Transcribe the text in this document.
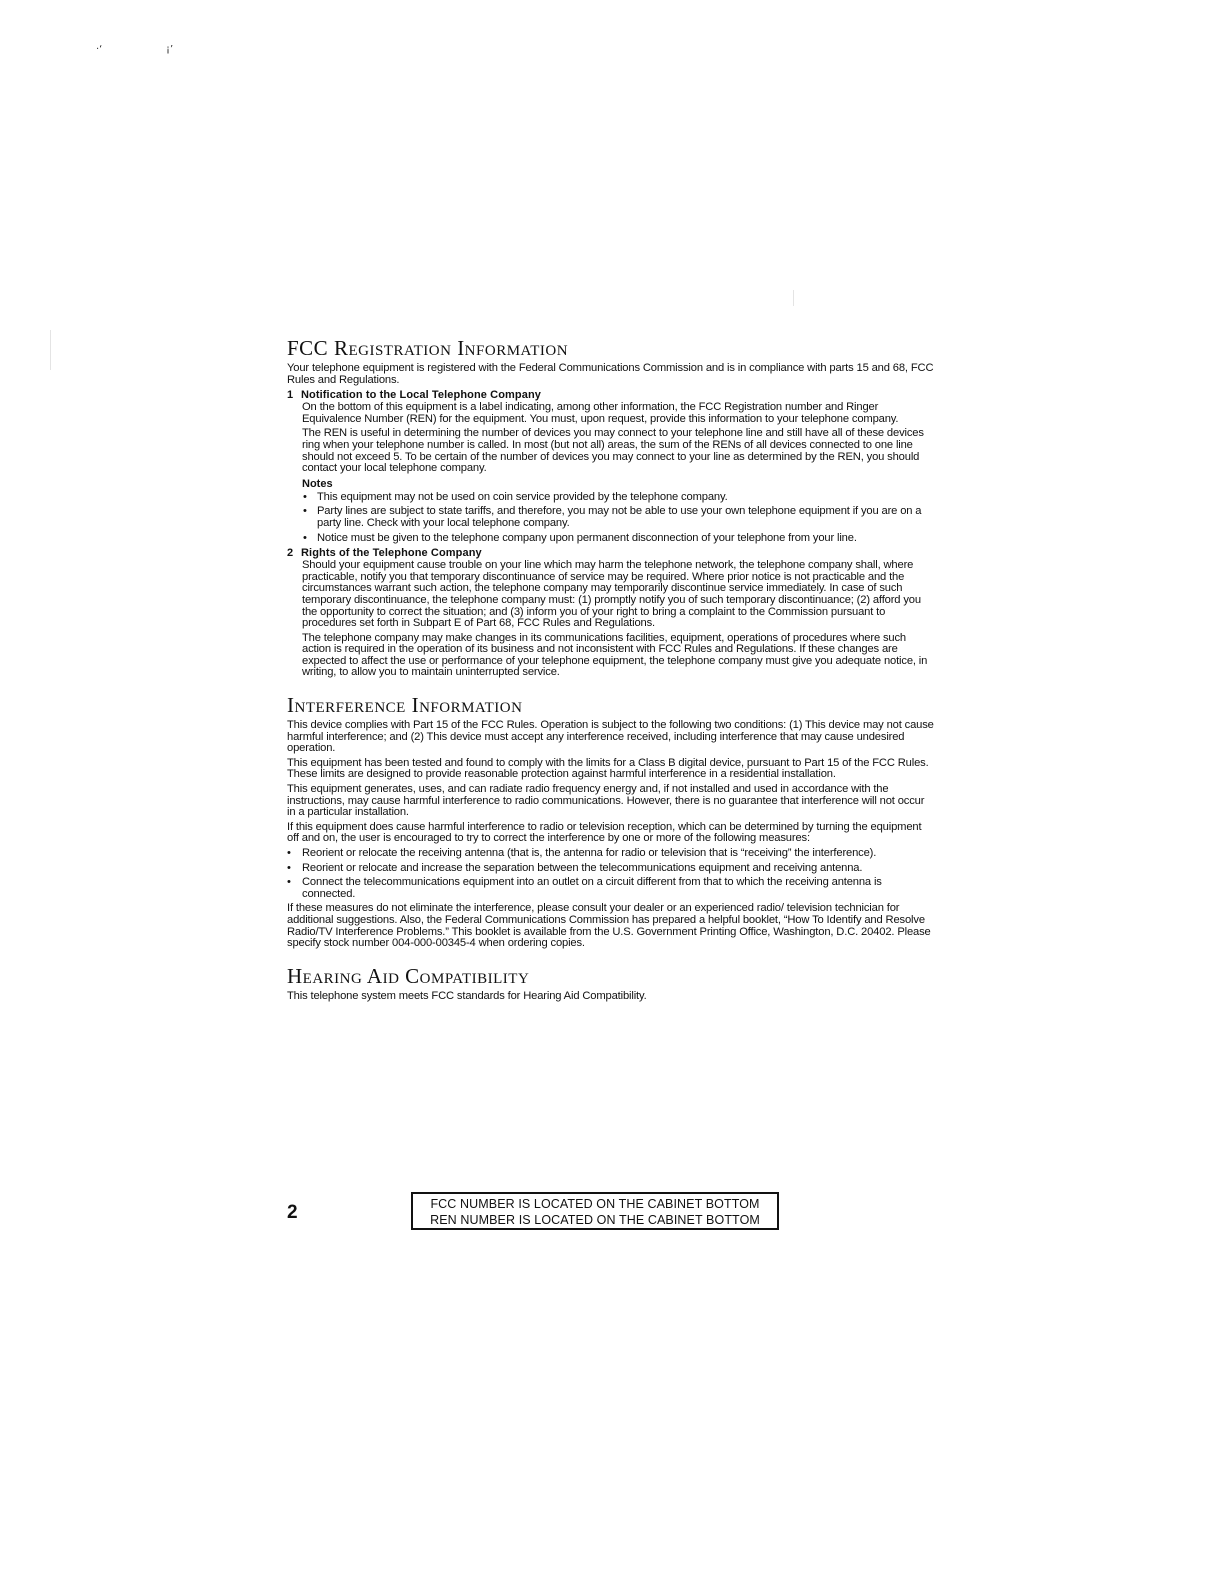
·‘	¡’
FCC Registration Information

Your telephone equipment is registered with the Federal Communications Commission and is in compliance with parts 15 and 68, FCC Rules and Regulations.

1 Notification to the Local Telephone Company

On the bottom of this equipment is a label indicating, among other information, the FCC Registration number and Ringer Equivalence Number (REN) for the equipment. You must, upon request, provide this information to your telephone company.

The REN is useful in determining the number of devices you may connect to your telephone line and still have all of these devices ring when your telephone number is called. In most (but not all) areas, the sum of the RENs of all devices connected to one line should not exceed 5. To be certain of the number of devices you may connect to your line as determined by the REN, you should contact your local telephone company.

Notes
• This equipment may not be used on coin service provided by the telephone company.
• Party lines are subject to state tariffs, and therefore, you may not be able to use your own telephone equipment if you are on a party line. Check with your local telephone company.
• Notice must be given to the telephone company upon permanent disconnection of your telephone from your line.
2 Rights of the Telephone Company

Should your equipment cause trouble on your line which may harm the telephone network, the telephone company shall, where practicable, notify you that temporary discontinuance of service may be required. Where prior notice is not practicable and the circumstances warrant such action, the telephone company may temporarily discontinue service immediately. In case of such temporary discontinuance, the telephone company must: (1) promptly notify you of such temporary discontinuance; (2) afford you the opportunity to correct the situation; and (3) inform you of your right to bring a complaint to the Commission pursuant to procedures set forth in Subpart E of Part 68, FCC Rules and Regulations.

The telephone company may make changes in its communications facilities, equipment, operations of procedures where such action is required in the operation of its business and not inconsistent with FCC Rules and Regulations. If these changes are expected to affect the use or performance of your telephone equipment, the telephone company must give you adequate notice, in writing, to allow you to maintain uninterrupted service.

Interference Information

This device complies with Part 15 of the FCC Rules. Operation is subject to the following two conditions: (1) This device may not cause harmful interference; and (2) This device must accept any interference received, including interference that may cause undesired operation.

This equipment has been tested and found to comply with the limits for a Class B digital device, pursuant to Part 15 of the FCC Rules. These limits are designed to provide reasonable protection against harmful interference in a residential installation.

This equipment generates, uses, and can radiate radio frequency energy and, if not installed and used in accordance with the instructions, may cause harmful interference to radio communications. However, there is no guarantee that interference will not occur in a particular installation.

If this equipment does cause harmful interference to radio or television reception, which can be determined by turning the equipment off and on, the user is encouraged to try to correct the interference by one or more of the following measures:

• Reorient or relocate the receiving antenna (that is, the antenna for radio or television that is “receiving” the interference).
• Reorient or relocate and increase the separation between the telecommunications equipment and receiving antenna.
• Connect the telecommunications equipment into an outlet on a circuit different from that to which the receiving antenna is connected.

If these measures do not eliminate the interference, please consult your dealer or an experienced radio/ television technician for additional suggestions. Also, the Federal Communications Commission has prepared a helpful booklet, “How To Identify and Resolve Radio/TV Interference Problems.” This booklet is available from the U.S. Government Printing Office, Washington, D.C. 20402. Please specify stock number 004-000-00345-4 when ordering copies.

Hearing Aid Compatibility

This telephone system meets FCC standards for Hearing Aid Compatibility.

2	FCC NUMBER IS LOCATED ON THE CABINET BOTTOM
REN NUMBER IS LOCATED ON THE CABINET BOTTOM
